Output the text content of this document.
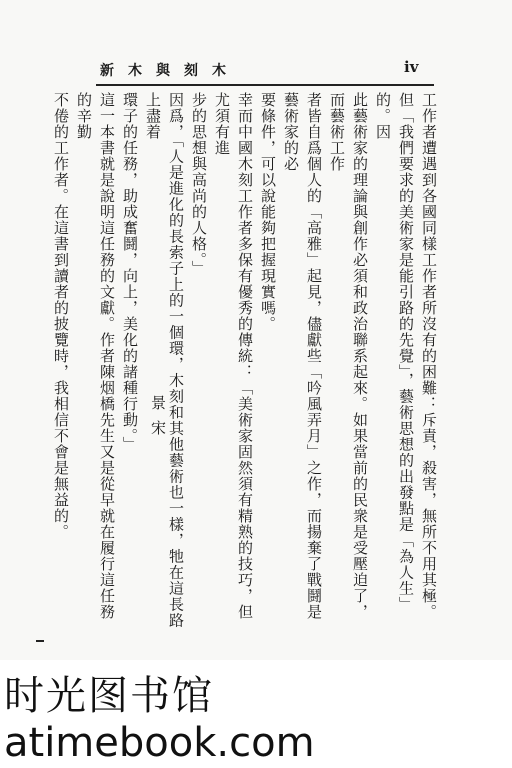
新木與刻木	iv

工作者遭遇到各國同樣工作者所沒有的困難：斥責，殺害，無所不用其極。

但「我們要求的美術家是能引路的先覺」，藝術思想的出發點是「為人生」的。因

此藝術家的理論與創作必須和政治聯系起來。如果當前的民衆是受壓迫了，而藝術工作

者皆自爲個人的「高雅」起見，儘獻些「吟風弄月」之作，而揚棄了戰鬪是藝術家的必

要條件，可以說能夠把握現實嗎。

幸而中國木刻工作者多保有優秀的傳統：「美術家固然須有精熟的技巧，但尤須有進

步的思想與高尚的人格。」

因爲，「人是進化的長索子上的一個環，木刻和其他藝術也一樣，牠在這長路上盡着

環子的任務，助成奮鬪，向上，美化的諸種行動。」

這一本書就是說明這任務的文獻。作者陳烟橋先生又是從早就在履行這任務的辛勤

不倦的工作者。在這書到讀者的披覽時，我相信不會是無益的。	景宋
时光图书馆
atimebook.com
